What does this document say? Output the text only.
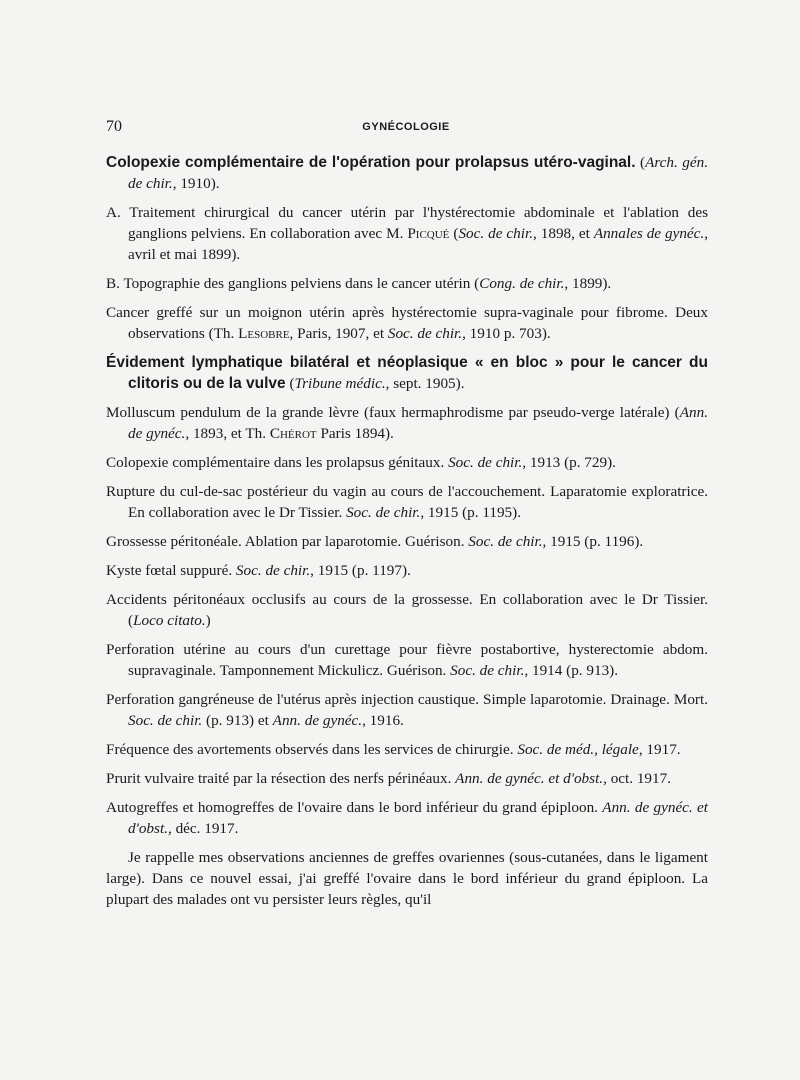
70	GYNÉCOLOGIE

Colopexie complémentaire de l'opération pour prolapsus utéro-vaginal. (Arch. gén. de chir., 1910).

A. Traitement chirurgical du cancer utérin par l'hystérectomie abdominale et l'ablation des ganglions pelviens. En collaboration avec M. Picqué (Soc. de chir., 1898, et Annales de gynéc., avril et mai 1899).

B. Topographie des ganglions pelviens dans le cancer utérin (Cong. de chir., 1899).

Cancer greffé sur un moignon utérin après hystérectomie supra-vaginale pour fibrome. Deux observations (Th. Lesobre, Paris, 1907, et Soc. de chir., 1910 p. 703).

Évidement lymphatique bilatéral et néoplasique « en bloc » pour le cancer du clitoris ou de la vulve (Tribune médic., sept. 1905).

Molluscum pendulum de la grande lèvre (faux hermaphrodisme par pseudo-verge latérale) (Ann. de gynéc., 1893, et Th. Chérot Paris 1894).

Colopexie complémentaire dans les prolapsus génitaux. Soc. de chir., 1913 (p. 729).

Rupture du cul-de-sac postérieur du vagin au cours de l'accouchement. Laparatomie exploratrice. En collaboration avec le Dr Tissier. Soc. de chir., 1915 (p. 1195).

Grossesse péritonéale. Ablation par laparotomie. Guérison. Soc. de chir., 1915 (p. 1196).

Kyste fœtal suppuré. Soc. de chir., 1915 (p. 1197).

Accidents péritonéaux occlusifs au cours de la grossesse. En collaboration avec le Dr Tissier. (Loco citato.)

Perforation utérine au cours d'un curettage pour fièvre postabortive, hysterectomie abdom. supravaginale. Tamponnement Mickulicz. Guérison. Soc. de chir., 1914 (p. 913).

Perforation gangréneuse de l'utérus après injection caustique. Simple laparotomie. Drainage. Mort. Soc. de chir. (p. 913) et Ann. de gynéc., 1916.

Fréquence des avortements observés dans les services de chirurgie. Soc. de méd., légale, 1917.

Prurit vulvaire traité par la résection des nerfs périnéaux. Ann. de gynéc. et d'obst., oct. 1917.

Autogreffes et homogreffes de l'ovaire dans le bord inférieur du grand épiploon. Ann. de gynéc. et d'obst., déc. 1917.

Je rappelle mes observations anciennes de greffes ovariennes (sous-cutanées, dans le ligament large). Dans ce nouvel essai, j'ai greffé l'ovaire dans le bord inférieur du grand épiploon. La plupart des malades ont vu persister leurs règles, qu'il
